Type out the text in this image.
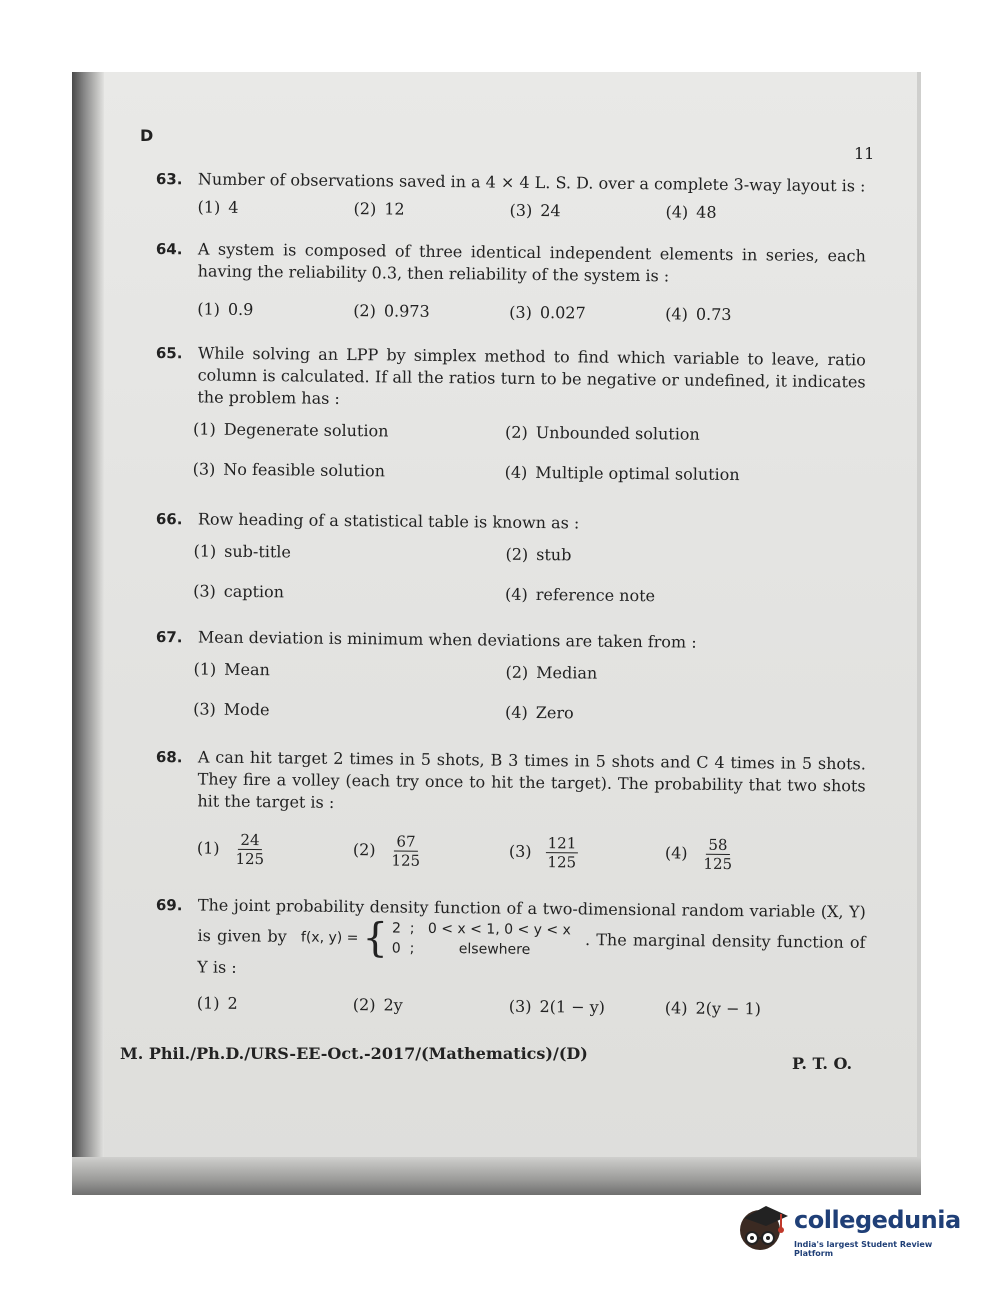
D
11
63. Number of observations saved in a 4 × 4 L. S. D. over a complete 3-way layout is :
(1) 4	(2) 12	(3) 24	(4) 48
64. A system is composed of three identical independent elements in series, each having the reliability 0.3, then reliability of the system is :
(1) 0.9	(2) 0.973	(3) 0.027	(4) 0.73
65. While solving an LPP by simplex method to find which variable to leave, ratio column is calculated. If all the ratios turn to be negative or undefined, it indicates the problem has :
(1) Degenerate solution	(2) Unbounded solution
(3) No feasible solution	(4) Multiple optimal solution
66. Row heading of a statistical table is known as :
(1) sub-title	(2) stub
(3) caption	(4) reference note
67. Mean deviation is minimum when deviations are taken from :
(1) Mean	(2) Median
(3) Mode	(4) Zero
68. A can hit target 2 times in 5 shots, B 3 times in 5 shots and C 4 times in 5 shots. They fire a volley (each try once to hit the target). The probability that two shots hit the target is :
$(1) \frac{24}{125}$	$(2) \frac{67}{125}$	$(3) \frac{121}{125}$	$(4) \frac{58}{125}$
69. The joint probability density function of a two-dimensional random variable (X, Y) is given by f(x, y) = { 2  ;   0 < x < 1, 0 < y < x
0  ;          elsewhere	. The marginal density function of Y is :
(1) 2	(2) 2y	(3) 2(1 − y)	(4) 2(y − 1)
M. Phil./Ph.D./URS-EE-Oct.-2017/(Mathematics)/(D)
P. T. O.
collegedunia
India's largest Student Review Platform
